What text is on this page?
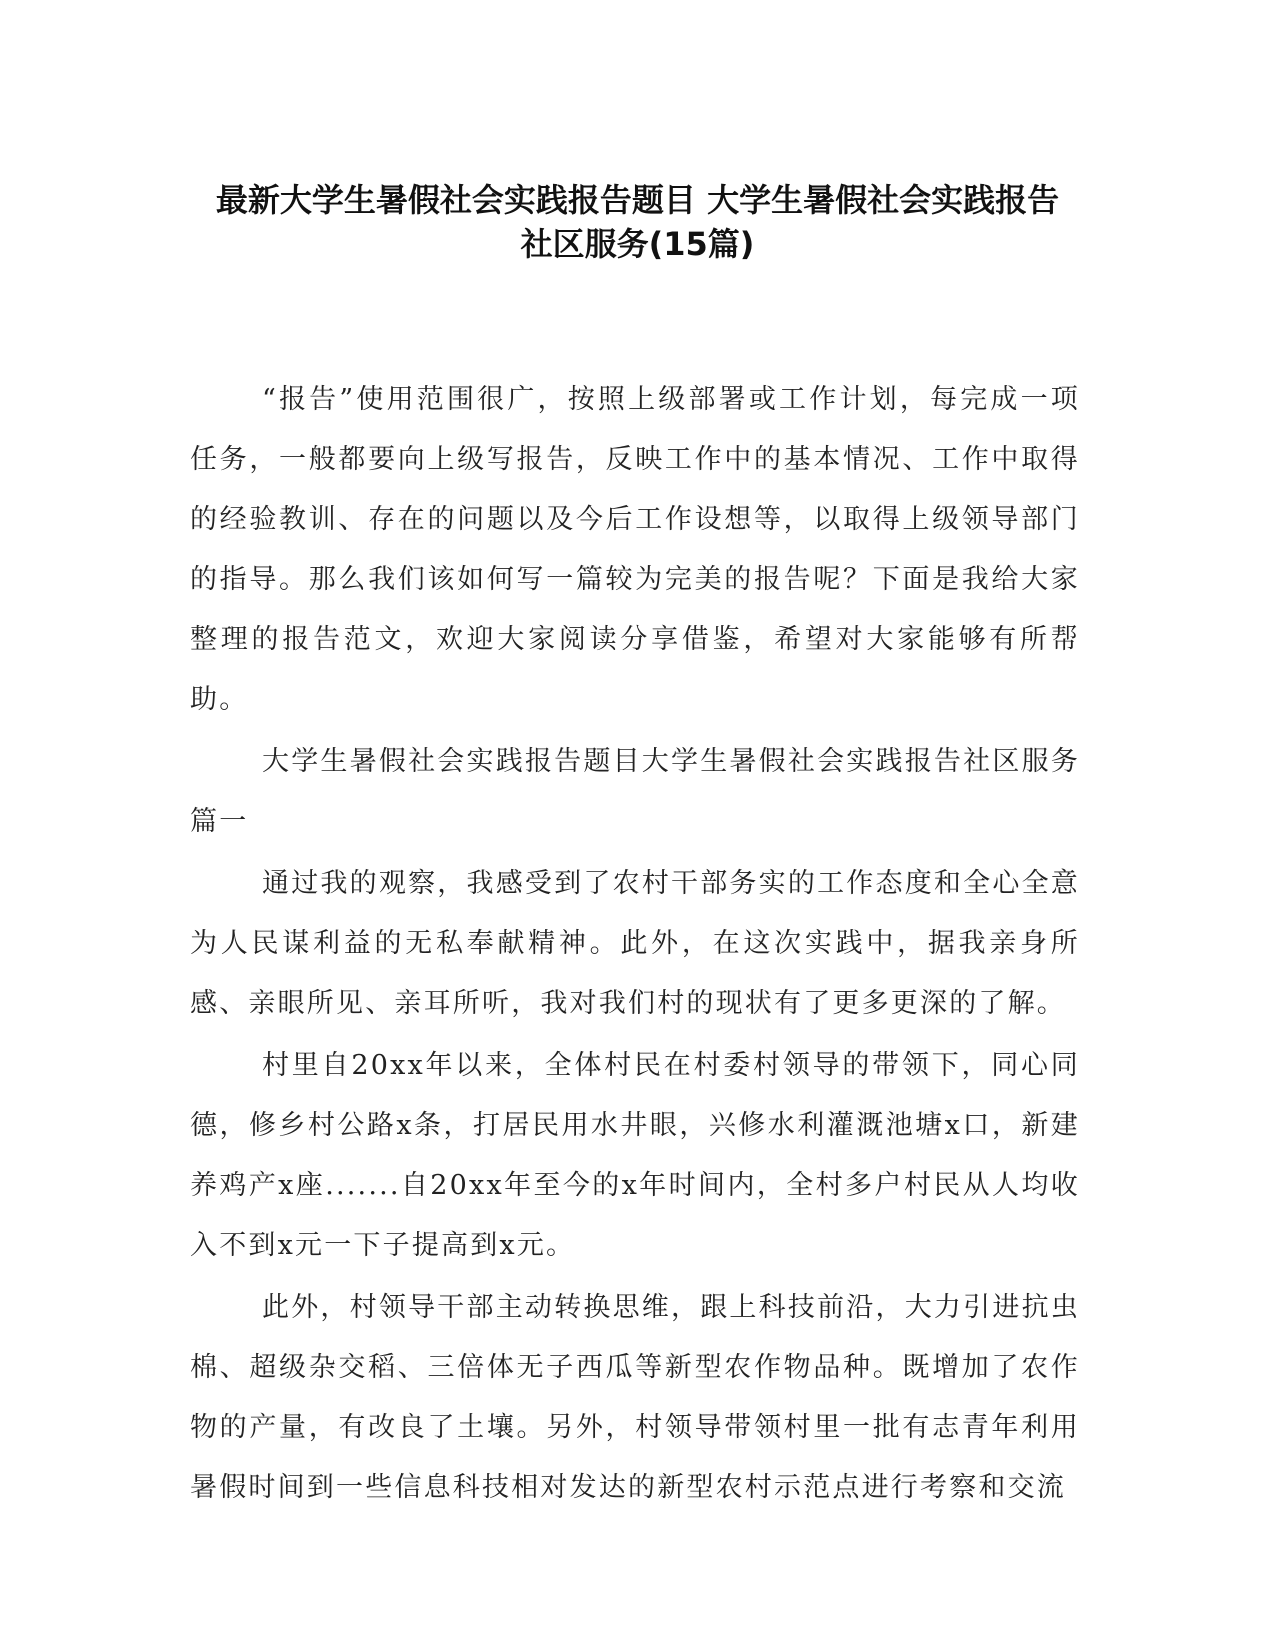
最新大学生暑假社会实践报告题目 大学生暑假社会实践报告
社区服务(15篇)

“报告”使用范围很广，按照上级部署或工作计划，每完成一项任务，一般都要向上级写报告，反映工作中的基本情况、工作中取得的经验教训、存在的问题以及今后工作设想等，以取得上级领导部门的指导。那么我们该如何写一篇较为完美的报告呢？下面是我给大家整理的报告范文，欢迎大家阅读分享借鉴，希望对大家能够有所帮助。

大学生暑假社会实践报告题目大学生暑假社会实践报告社区服务篇一

通过我的观察，我感受到了农村干部务实的工作态度和全心全意为人民谋利益的无私奉献精神。此外，在这次实践中，据我亲身所感、亲眼所见、亲耳所听，我对我们村的现状有了更多更深的了解。

村里自20xx年以来，全体村民在村委村领导的带领下，同心同德，修乡村公路x条，打居民用水井眼，兴修水利灌溉池塘x口，新建养鸡产x座.......自20xx年至今的x年时间内，全村多户村民从人均收入不到x元一下子提高到x元。

此外，村领导干部主动转换思维，跟上科技前沿，大力引进抗虫棉、超级杂交稻、三倍体无子西瓜等新型农作物品种。既增加了农作物的产量，有改良了土壤。另外，村领导带领村里一批有志青年利用暑假时间到一些信息科技相对发达的新型农村示范点进行考察和交流
